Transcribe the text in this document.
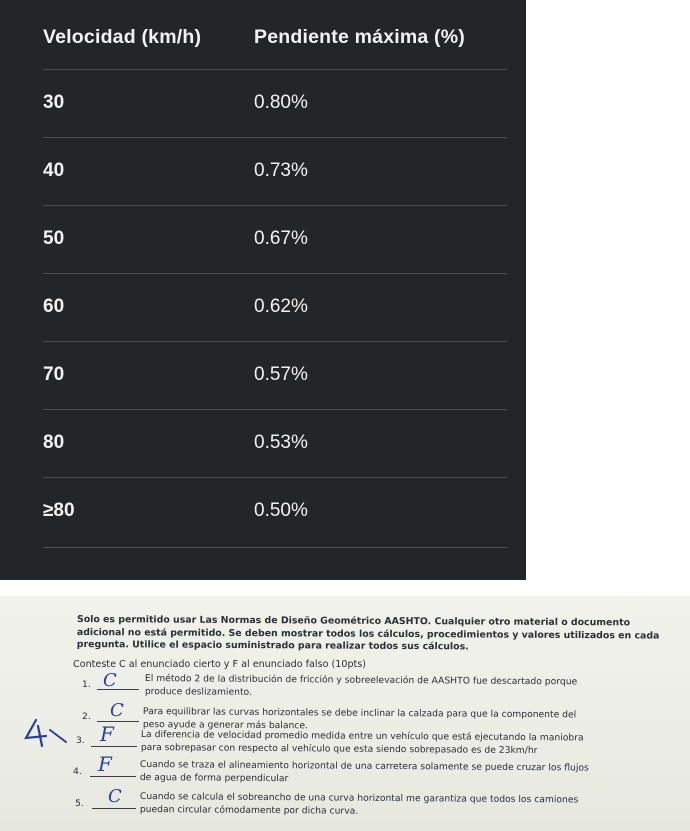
Velocidad (km/h)	Pendiente máxima (%)
30	0.80%
40	0.73%
50	0.67%
60	0.62%
70	0.57%
80	0.53%
≥80	0.50%
Solo es permitido usar Las Normas de Diseño Geométrico AASHTO. Cualquier otro material o documento adicional no está permitido. Se deben mostrar todos los cálculos, procedimientos y valores utilizados en cada pregunta. Utilice el espacio suministrado para realizar todos sus cálculos.
Conteste C al enunciado cierto y F al enunciado falso (10pts)
1. C	El método 2 de la distribución de fricción y sobreelevación de AASHTO fue descartado porque
produce deslizamiento.
2. C Para equilibrar las curvas horizontales se debe inclinar la calzada para que la componente del
peso ayude a generar más balance.
3. F	La diferencia de velocidad promedio medida entre un vehículo que está ejecutando la maniobra
para sobrepasar con respecto al vehículo que esta siendo sobrepasado es de 23km/hr
4. F	Cuando se traza el alineamiento horizontal de una carretera solamente se puede cruzar los flujos
de agua de forma perpendicular
5. C Cuando se calcula el sobreancho de una curva horizontal me garantiza que todos los camiones
puedan circular cómodamente por dicha curva.
